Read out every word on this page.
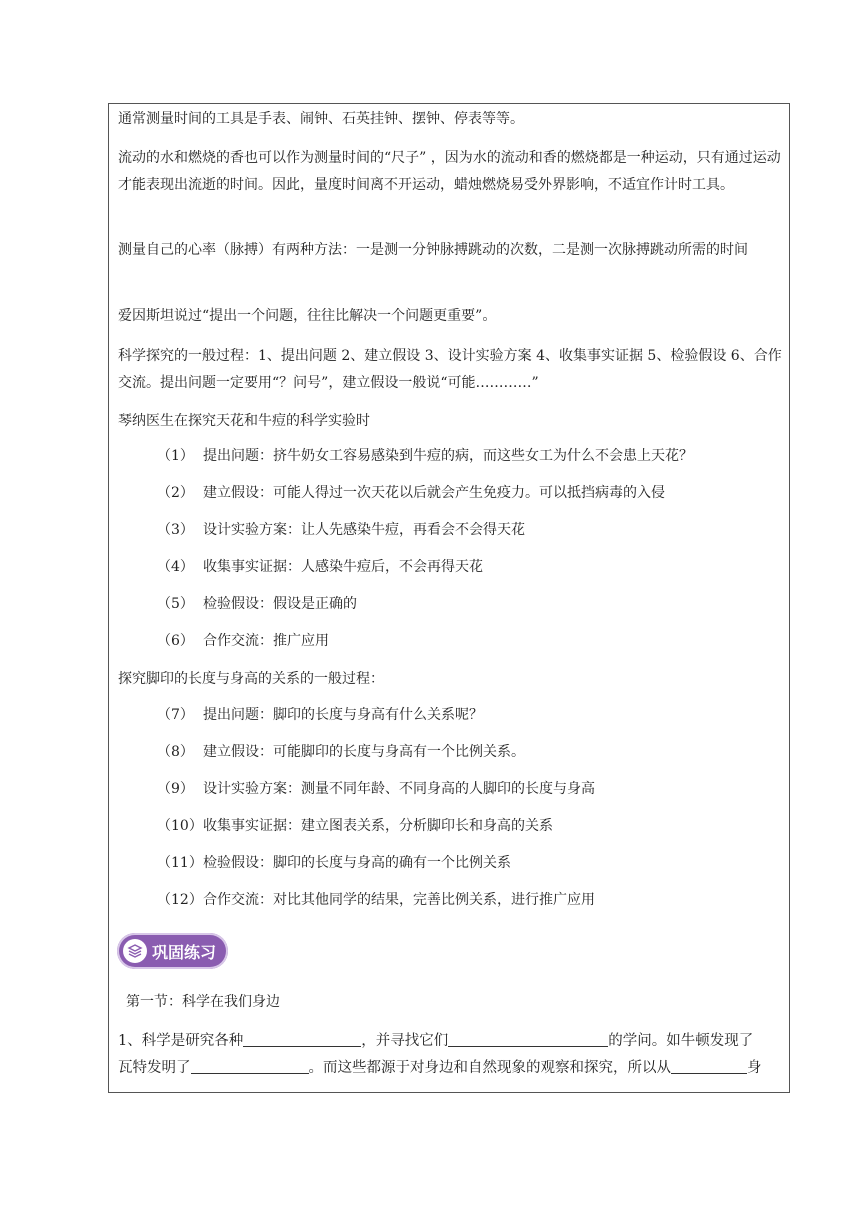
通常测量时间的工具是手表、闹钟、石英挂钟、摆钟、停表等等。

流动的水和燃烧的香也可以作为测量时间的“尺子” ，因为水的流动和香的燃烧都是一种运动，只有通过运动才能表现出流逝的时间。因此，量度时间离不开运动，蜡烛燃烧易受外界影响，不适宜作计时工具。

测量自己的心率（脉搏）有两种方法：一是测一分钟脉搏跳动的次数，二是测一次脉搏跳动所需的时间

爱因斯坦说过“提出一个问题，往往比解决一个问题更重要”。

科学探究的一般过程：1、提出问题 2、建立假设 3、设计实验方案 4、收集事实证据 5、检验假设 6、合作交流。提出问题一定要用“？问号”，建立假设一般说“可能…………”

琴纳医生在探究天花和牛痘的科学实验时

（1） 提出问题：挤牛奶女工容易感染到牛痘的病，而这些女工为什么不会患上天花？
（2） 建立假设：可能人得过一次天花以后就会产生免疫力。可以抵挡病毒的入侵
（3） 设计实验方案：让人先感染牛痘，再看会不会得天花
（4） 收集事实证据：人感染牛痘后，不会再得天花
（5） 检验假设：假设是正确的
（6） 合作交流：推广应用

探究脚印的长度与身高的关系的一般过程：

（7） 提出问题：脚印的长度与身高有什么关系呢？
（8） 建立假设：可能脚印的长度与身高有一个比例关系。
（9） 设计实验方案：测量不同年龄、不同身高的人脚印的长度与身高
（10）收集事实证据：建立图表关系，分析脚印长和身高的关系
（11）检验假设：脚印的长度与身高的确有一个比例关系
（12）合作交流：对比其他同学的结果，完善比例关系，进行推广应用
巩固练习

第一节：科学在我们身边

1、科学是研究各种	，并寻找它们	的学问。如牛顿发现了
瓦特发明了	。而这些都源于对身边和自然现象的观察和探究，所以从	身
